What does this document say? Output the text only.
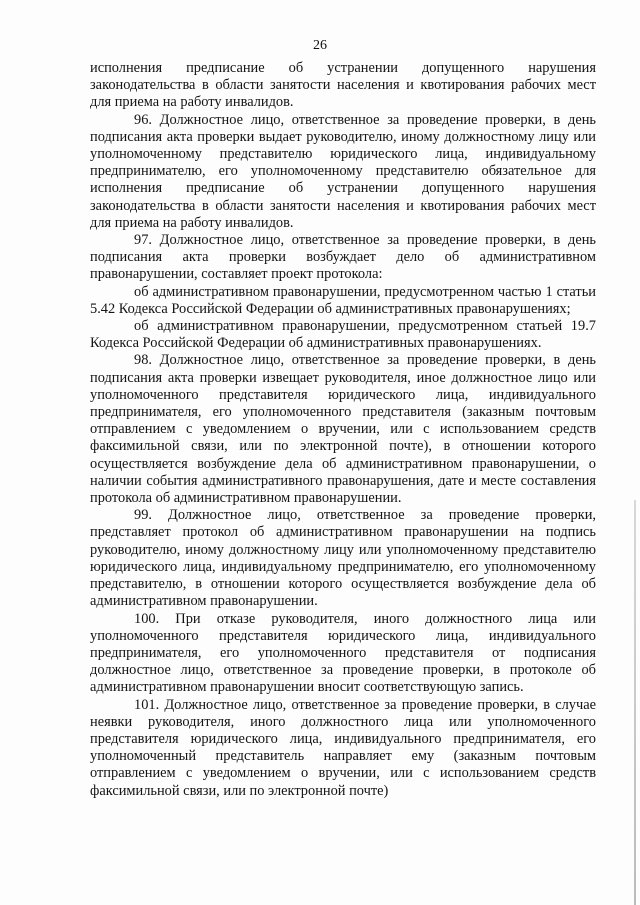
26

исполнения предписание об устранении допущенного нарушения законодательства в области занятости населения и квотирования рабочих мест для приема на работу инвалидов.

96. Должностное лицо, ответственное за проведение проверки, в день подписания акта проверки выдает руководителю, иному должностному лицу или уполномоченному представителю юридического лица, индивидуальному предпринимателю, его уполномоченному представителю обязательное для исполнения предписание об устранении допущенного нарушения законодательства в области занятости населения и квотирования рабочих мест для приема на работу инвалидов.

97. Должностное лицо, ответственное за проведение проверки, в день подписания акта проверки возбуждает дело об административном правонарушении, составляет проект протокола:

об административном правонарушении, предусмотренном частью 1 статьи 5.42 Кодекса Российской Федерации об административных правонарушениях;

об административном правонарушении, предусмотренном статьей 19.7 Кодекса Российской Федерации об административных правонарушениях.

98. Должностное лицо, ответственное за проведение проверки, в день подписания акта проверки извещает руководителя, иное должностное лицо или уполномоченного представителя юридического лица, индивидуального предпринимателя, его уполномоченного представителя (заказным почтовым отправлением с уведомлением о вручении, или с использованием средств факсимильной связи, или по электронной почте), в отношении которого осуществляется возбуждение дела об административном правонарушении, о наличии события административного правонарушения, дате и месте составления протокола об административном правонарушении.

99. Должностное лицо, ответственное за проведение проверки, представляет протокол об административном правонарушении на подпись руководителю, иному должностному лицу или уполномоченному представителю юридического лица, индивидуальному предпринимателю, его уполномоченному представителю, в отношении которого осуществляется возбуждение дела об административном правонарушении.

100. При отказе руководителя, иного должностного лица или уполномоченного представителя юридического лица, индивидуального предпринимателя, его уполномоченного представителя от подписания должностное лицо, ответственное за проведение проверки, в протоколе об административном правонарушении вносит соответствующую запись.

101. Должностное лицо, ответственное за проведение проверки, в случае неявки руководителя, иного должностного лица или уполномоченного представителя юридического лица, индивидуального предпринимателя, его уполномоченный представитель направляет ему (заказным почтовым отправлением с уведомлением о вручении, или с использованием средств факсимильной связи, или по электронной почте)
